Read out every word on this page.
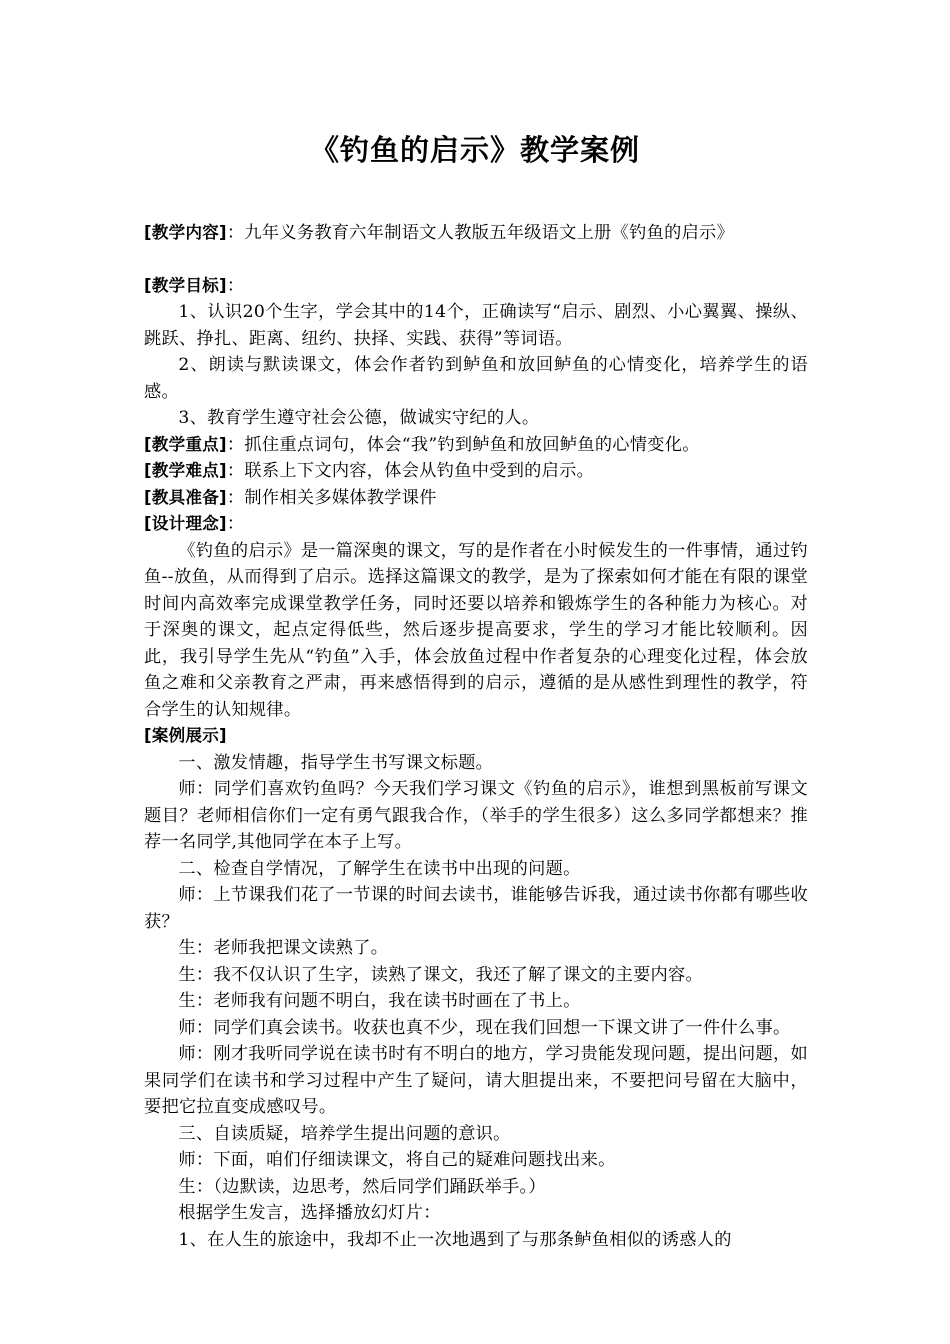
《钓鱼的启示》教学案例

[教学内容]：九年义务教育六年制语文人教版五年级语文上册《钓鱼的启示》

[教学目标]：

1、认识20个生字，学会其中的14个，正确读写“启示、剧烈、小心翼翼、操纵、跳跃、挣扎、距离、纽约、抉择、实践、获得”等词语。

2、朗读与默读课文，体会作者钓到鲈鱼和放回鲈鱼的心情变化，培养学生的语感。

3、教育学生遵守社会公德，做诚实守纪的人。

[教学重点]：抓住重点词句，体会“我”钓到鲈鱼和放回鲈鱼的心情变化。

[教学难点]：联系上下文内容，体会从钓鱼中受到的启示。

[教具准备]：制作相关多媒体教学课件

[设计理念]：

《钓鱼的启示》是一篇深奥的课文，写的是作者在小时候发生的一件事情，通过钓鱼--放鱼，从而得到了启示。选择这篇课文的教学，是为了探索如何才能在有限的课堂时间内高效率完成课堂教学任务，同时还要以培养和锻炼学生的各种能力为核心。对于深奥的课文，起点定得低些，然后逐步提高要求，学生的学习才能比较顺利。因此，我引导学生先从“钓鱼”入手，体会放鱼过程中作者复杂的心理变化过程，体会放鱼之难和父亲教育之严肃，再来感悟得到的启示，遵循的是从感性到理性的教学，符合学生的认知规律。

[案例展示]

一、激发情趣，指导学生书写课文标题。

师：同学们喜欢钓鱼吗？今天我们学习课文《钓鱼的启示》，谁想到黑板前写课文题目？老师相信你们一定有勇气跟我合作，（举手的学生很多）这么多同学都想来？推荐一名同学,其他同学在本子上写。

二、检查自学情况，了解学生在读书中出现的问题。

师：上节课我们花了一节课的时间去读书，谁能够告诉我，通过读书你都有哪些收获？

生：老师我把课文读熟了。

生：我不仅认识了生字，读熟了课文，我还了解了课文的主要内容。

生：老师我有问题不明白，我在读书时画在了书上。

师：同学们真会读书。收获也真不少，现在我们回想一下课文讲了一件什么事。

师：刚才我听同学说在读书时有不明白的地方，学习贵能发现问题，提出问题，如果同学们在读书和学习过程中产生了疑问，请大胆提出来，不要把问号留在大脑中，要把它拉直变成感叹号。

三、自读质疑，培养学生提出问题的意识。

师：下面，咱们仔细读课文，将自己的疑难问题找出来。

生：（边默读，边思考，然后同学们踊跃举手。）

根据学生发言，选择播放幻灯片：

1、在人生的旅途中，我却不止一次地遇到了与那条鲈鱼相似的诱惑人的
